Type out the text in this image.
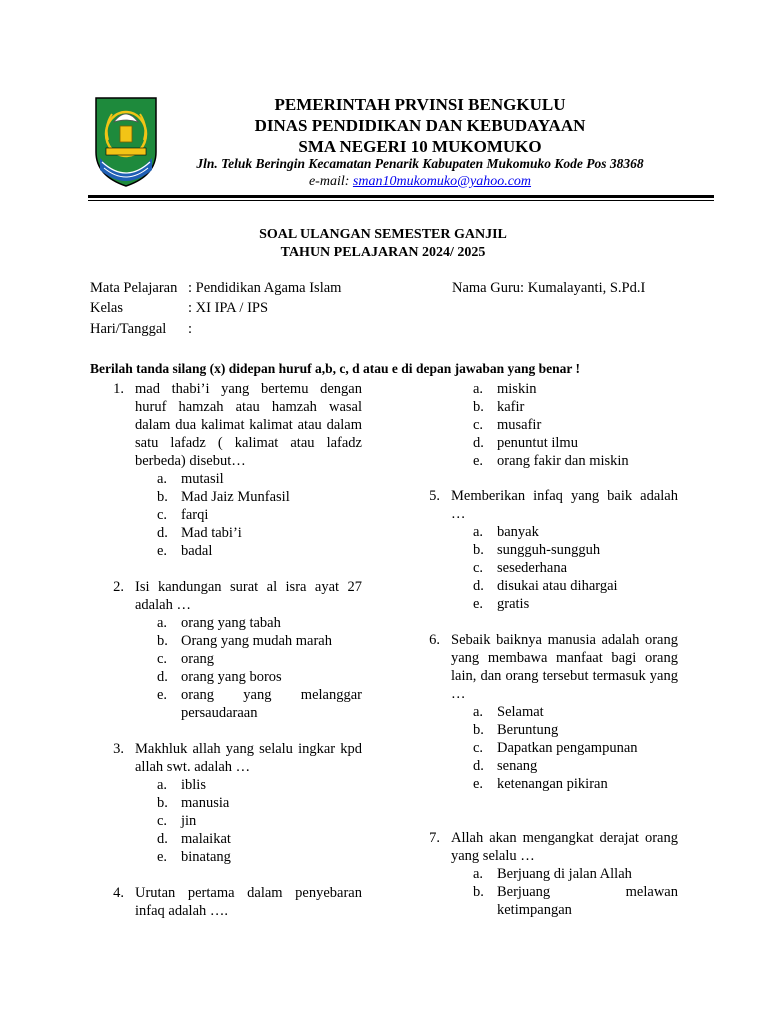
PEMERINTAH PRVINSI BENGKULU
DINAS PENDIDIKAN DAN KEBUDAYAAN
SMA NEGERI 10 MUKOMUKO
Jln. Teluk Beringin Kecamatan Penarik Kabupaten Mukomuko Kode Pos 38368
e-mail: sman10mukomuko@yahoo.com
SOAL ULANGAN SEMESTER GANJIL
TAHUN PELAJARAN 2024/ 2025
Mata Pelajaran : Pendidikan Agama Islam
Kelas	: XI IPA / IPS
Hari/Tanggal :
Nama Guru: Kumalayanti, S.Pd.I
Berilah tanda silang (x) didepan huruf a,b, c, d atau e di depan jawaban yang benar !
1. mad thabi’i yang bertemu dengan huruf hamzah atau hamzah wasal dalam dua kalimat kalimat atau dalam satu lafadz ( kalimat atau lafadz berbeda) disebut…
a. mutasil
b. Mad Jaiz Munfasil
c. farqi
d. Mad tabi’i
e. badal
2. Isi kandungan surat al isra ayat 27 adalah …
a. orang yang tabah
b. Orang yang mudah marah
c. orang
d. orang yang boros
e. orang yang melanggar persaudaraan
3. Makhluk allah yang selalu ingkar kpd allah swt. adalah …
a. iblis
b. manusia
c. jin
d. malaikat
e. binatang
4. Urutan pertama dalam penyebaran infaq adalah ….
a. miskin
b. kafir
c. musafir
d. penuntut ilmu
e. orang fakir dan miskin
5. Memberikan infaq yang baik adalah …
a. banyak
b. sungguh-sungguh
c. sesederhana
d. disukai atau dihargai
e. gratis
6. Sebaik baiknya manusia adalah orang yang membawa manfaat bagi orang lain, dan orang tersebut termasuk yang …
a. Selamat
b. Beruntung
c. Dapatkan pengampunan
d. senang
e. ketenangan pikiran
7. Allah akan mengangkat derajat orang yang selalu …
a. Berjuang di jalan Allah
b. Berjuang melawan ketimpangan
